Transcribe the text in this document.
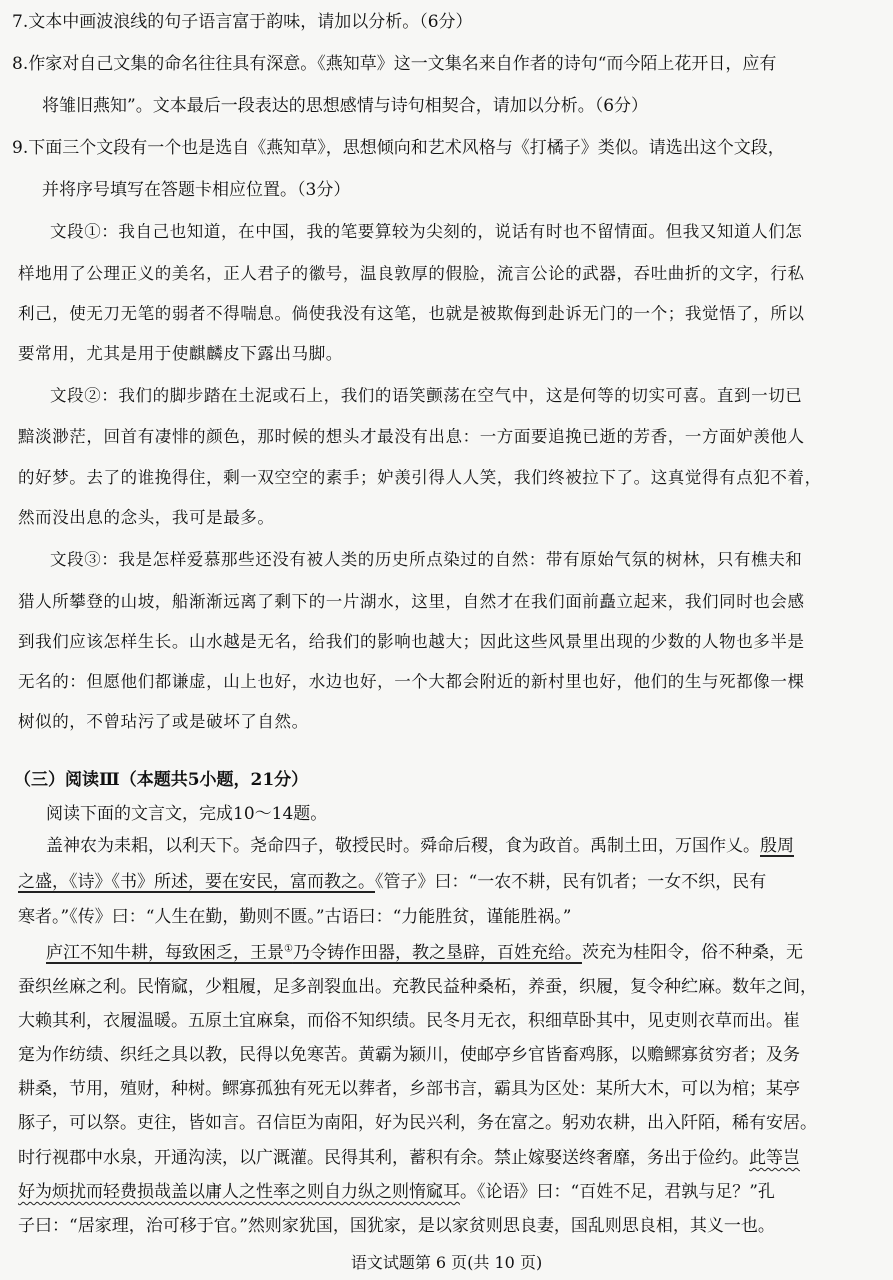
7.文本中画波浪线的句子语言富于韵味，请加以分析。（6分）
8.作家对自己文集的命名往往具有深意。《燕知草》这一文集名来自作者的诗句“而今陌上花开日，应有
将雏旧燕知”。文本最后一段表达的思想感情与诗句相契合，请加以分析。（6分）
9.下面三个文段有一个也是选自《燕知草》，思想倾向和艺术风格与《打橘子》类似。请选出这个文段，
并将序号填写在答题卡相应位置。（3分）
文段①：我自己也知道，在中国，我的笔要算较为尖刻的，说话有时也不留情面。但我又知道人们怎
样地用了公理正义的美名，正人君子的徽号，温良敦厚的假脸，流言公论的武器，吞吐曲折的文字，行私
利己，使无刀无笔的弱者不得喘息。倘使我没有这笔，也就是被欺侮到赴诉无门的一个；我觉悟了，所以
要常用，尤其是用于使麒麟皮下露出马脚。
文段②：我们的脚步踏在土泥或石上，我们的语笑颤荡在空气中，这是何等的切实可喜。直到一切已
黯淡渺茫，回首有凄悱的颜色，那时候的想头才最没有出息：一方面要追挽已逝的芳香，一方面妒羡他人
的好梦。去了的谁挽得住，剩一双空空的素手；妒羡引得人人笑，我们终被拉下了。这真觉得有点犯不着，
然而没出息的念头，我可是最多。
文段③：我是怎样爱慕那些还没有被人类的历史所点染过的自然：带有原始气氛的树林，只有樵夫和
猎人所攀登的山坡，船渐渐远离了剩下的一片湖水，这里，自然才在我们面前矗立起来，我们同时也会感
到我们应该怎样生长。山水越是无名，给我们的影响也越大；因此这些风景里出现的少数的人物也多半是
无名的：但愿他们都谦虚，山上也好，水边也好，一个大都会附近的新村里也好，他们的生与死都像一棵
树似的，不曾玷污了或是破坏了自然。
（三）阅读Ⅲ（本题共5小题，21分）
阅读下面的文言文，完成10～14题。
盖神农为耒耜，以利天下。尧命四子，敬授民时。舜命后稷，食为政首。禹制土田，万国作乂。殷周
之盛，《诗》《书》所述，要在安民，富而教之。《管子》曰：“一农不耕，民有饥者；一女不织，民有
寒者。”《传》曰：“人生在勤，勤则不匮。”古语曰：“力能胜贫，谨能胜祸。”
庐江不知牛耕，每致困乏，王景①乃令铸作田器，教之垦辟，百姓充给。茨充为桂阳令，俗不种桑，无
蚕织丝麻之利。民惰窳，少粗履，足多剖裂血出。充教民益种桑柘，养蚕，织履，复令种纻麻。数年之间，
大赖其利，衣履温暖。五原土宜麻枲，而俗不知织绩。民冬月无衣，积细草卧其中，见吏则衣草而出。崔
寔为作纺绩、织纴之具以教，民得以免寒苦。黄霸为颍川，使邮亭乡官皆畜鸡豚，以赡鳏寡贫穷者；及务
耕桑，节用，殖财，种树。鳏寡孤独有死无以葬者，乡部书言，霸具为区处：某所大木，可以为棺；某亭
豚子，可以祭。吏往，皆如言。召信臣为南阳，好为民兴利，务在富之。躬劝农耕，出入阡陌，稀有安居。
时行视郡中水泉，开通沟渎，以广溉灌。民得其利，蓄积有余。禁止嫁娶送终奢靡，务出于俭约。此等岂
好为烦扰而轻费损哉盖以庸人之性率之则自力纵之则惰窳耳。《论语》曰：“百姓不足，君孰与足？”孔
子曰：“居家理，治可移于官。”然则家犹国，国犹家，是以家贫则思良妻，国乱则思良相，其义一也。
语文试题第 6 页(共 10 页)
